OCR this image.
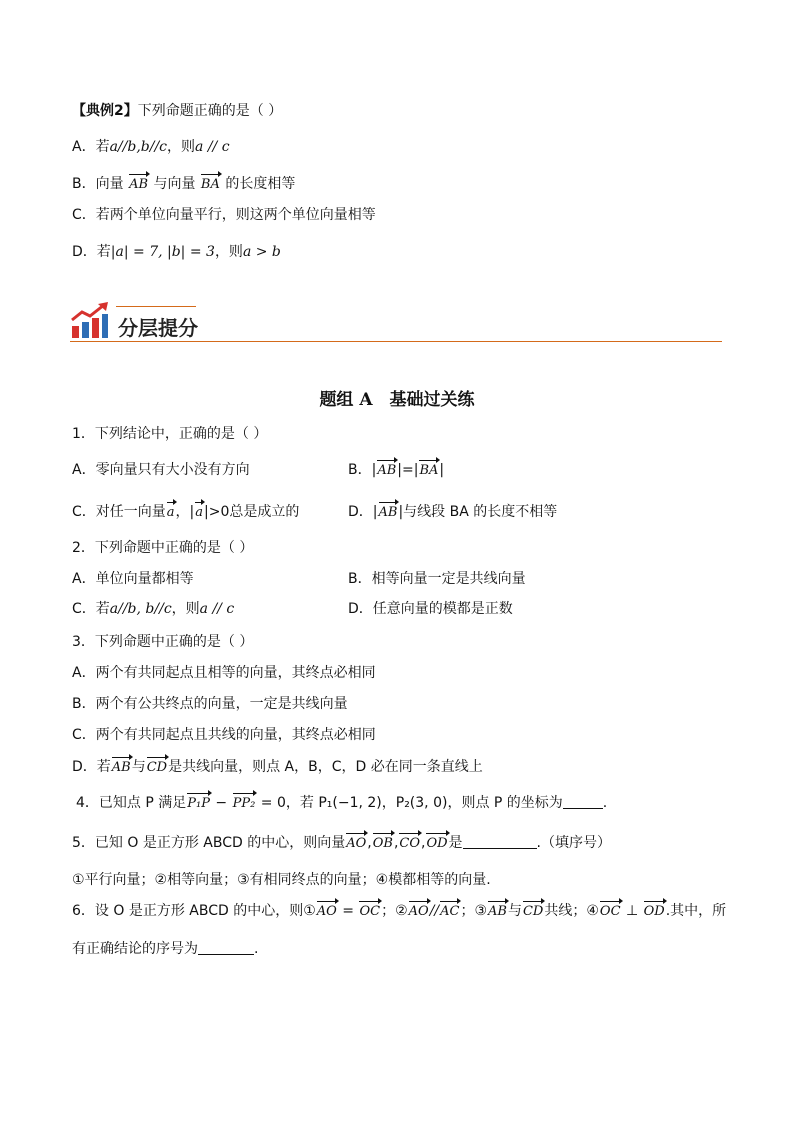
【典例2】下列命题正确的是（ ）
A．若a//b,b//c，则a // c
B．向量 AB 与向量 BA 的长度相等
C．若两个单位向量平行，则这两个单位向量相等
D．若|a| = 7, |b| = 3，则a > b
分层提分
题组 A　基础过关练
1．下列结论中，正确的是（ ）
A．零向量只有大小没有方向	B．|AB|=|BA|
C．对任一向量a，|a|>0总是成立的	D．|AB|与线段 BA 的长度不相等
2．下列命题中正确的是（ ）
A．单位向量都相等	B．相等向量一定是共线向量
C．若a//b, b//c，则a // c	D．任意向量的模都是正数
3．下列命题中正确的是（ ）
A．两个有共同起点且相等的向量，其终点必相同
B．两个有公共终点的向量，一定是共线向量
C．两个有共同起点且共线的向量，其终点必相同
D．若AB与CD是共线向量，则点 A，B，C，D 必在同一条直线上
4．已知点 P 满足P₁P − PP₂ = 0，若 P₁(−1, 2)，P₂(3, 0)，则点 P 的坐标为	.
5．已知 O 是正方形 ABCD 的中心，则向量AO,OB,CO,OD是	.（填序号）
①平行向量；②相等向量；③有相同终点的向量；④模都相等的向量.
6．设 O 是正方形 ABCD 的中心，则①AO = OC；②AO//AC；③AB与CD共线；④OC ⊥ OD.其中，所
有正确结论的序号为	.
